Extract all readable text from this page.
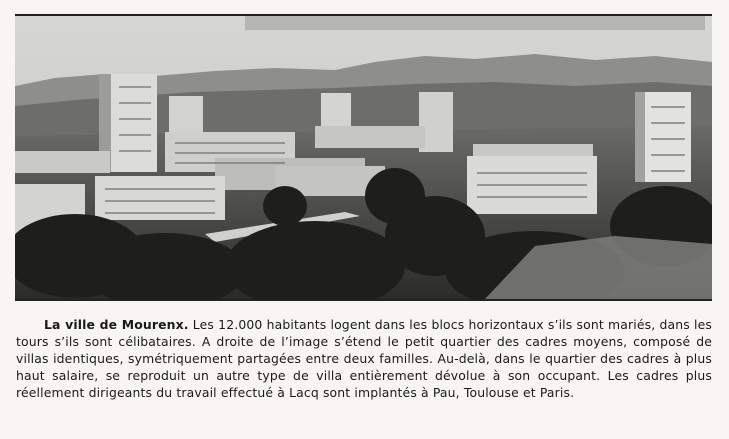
La ville de Mourenx. Les 12.000 habitants logent dans les blocs horizontaux s’ils sont mariés, dans les tours s’ils sont célibataires. A droite de l’image s’étend le petit quartier des cadres moyens, composé de villas identiques, symétriquement partagées entre deux familles. Au-delà, dans le quartier des cadres à plus haut salaire, se reproduit un autre type de villa entièrement dévolue à son occupant. Les cadres plus réellement dirigeants du travail effectué à Lacq sont implantés à Pau, Toulouse et Paris.
